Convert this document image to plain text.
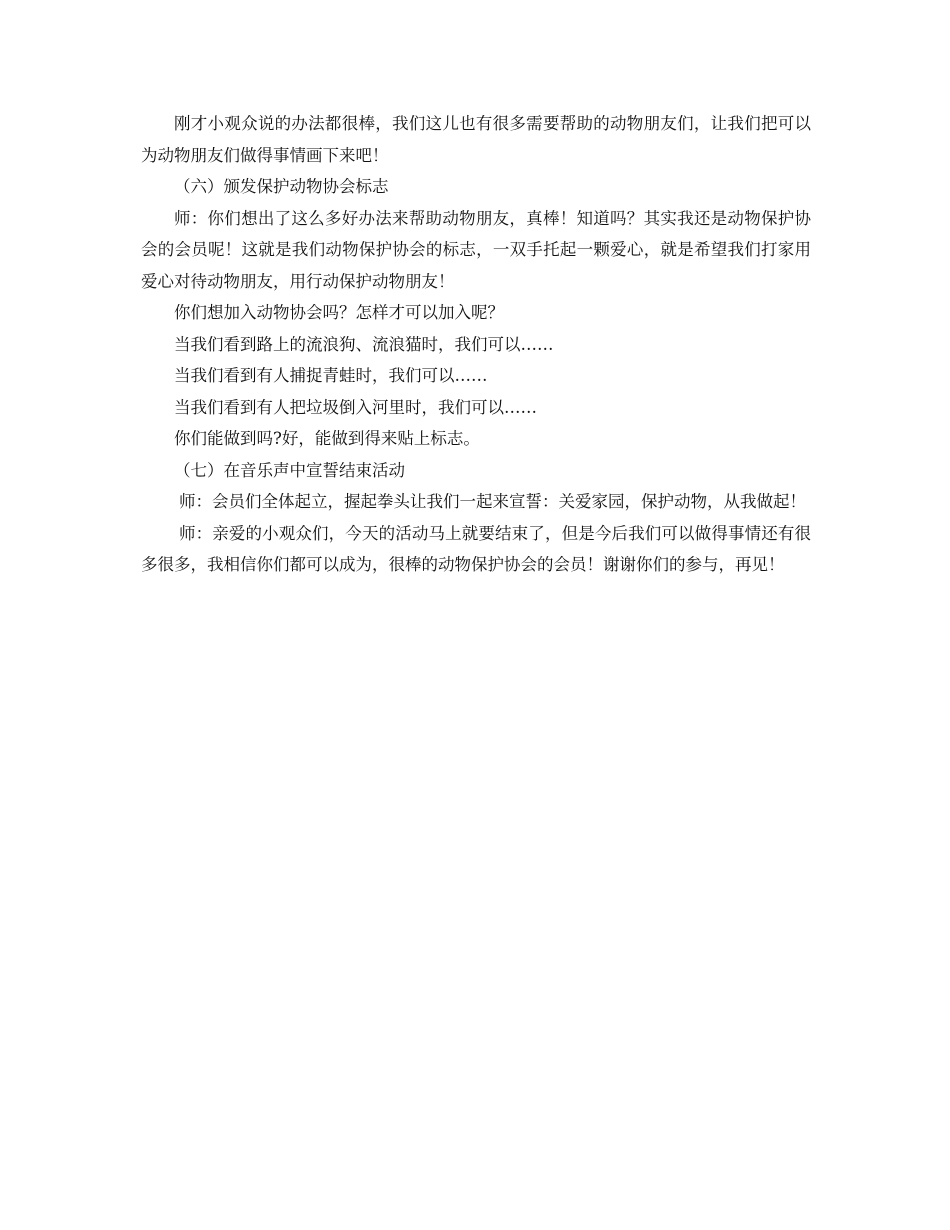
刚才小观众说的办法都很棒，我们这儿也有很多需要帮助的动物朋友们，让我们把可以为动物朋友们做得事情画下来吧！

（六）颁发保护动物协会标志

师：你们想出了这么多好办法来帮助动物朋友，真棒！知道吗？其实我还是动物保护协会的会员呢！这就是我们动物保护协会的标志，一双手托起一颗爱心，就是希望我们打家用爱心对待动物朋友，用行动保护动物朋友！

你们想加入动物协会吗？怎样才可以加入呢？

当我们看到路上的流浪狗、流浪猫时，我们可以……

当我们看到有人捕捉青蛙时，我们可以……

当我们看到有人把垃圾倒入河里时，我们可以……

你们能做到吗?好，能做到得来贴上标志。

（七）在音乐声中宣誓结束活动

师：会员们全体起立，握起拳头让我们一起来宣誓：关爱家园，保护动物，从我做起！

师：亲爱的小观众们，今天的活动马上就要结束了，但是今后我们可以做得事情还有很多很多，我相信你们都可以成为，很棒的动物保护协会的会员！谢谢你们的参与，再见！
